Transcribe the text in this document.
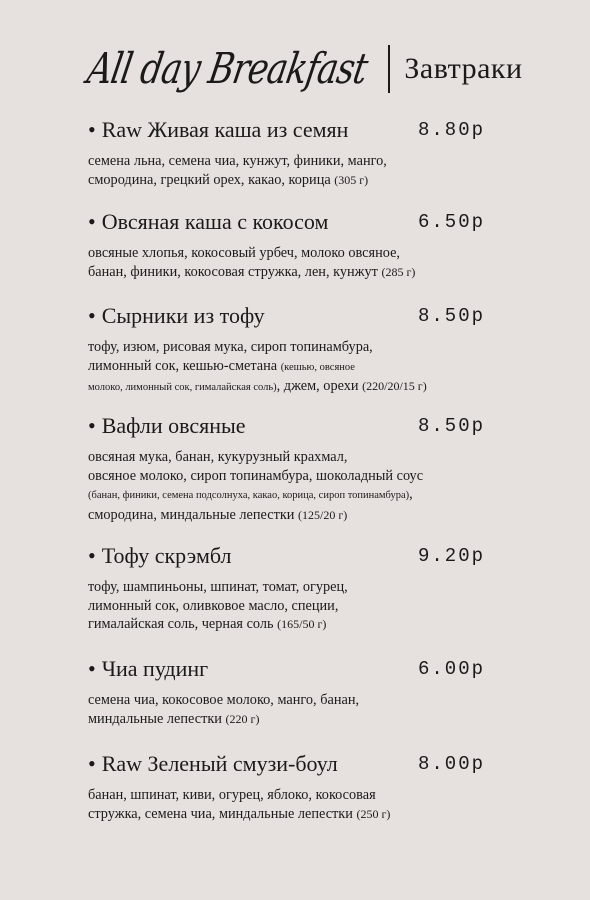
All day Breakfast Завтраки
• Raw Живая каша из семян	8.80р
семена льна, семена чиа, кунжут, финики, манго,
смородина, грецкий орех, какао, корица (305 г)
• Овсяная каша с кокосом	6.50р
овсяные хлопья, кокосовый урбеч, молоко овсяное,
банан, финики, кокосовая стружка, лен, кунжут (285 г)
• Сырники из тофу	8.50р
тофу, изюм, рисовая мука, сироп топинамбура,
лимонный сок, кешью-сметана (кешью, овсяное
молоко, лимонный сок, гималайская соль), джем, орехи (220/20/15 г)
• Вафли овсяные	8.50р
овсяная мука, банан, кукурузный крахмал,
овсяное молоко, сироп топинамбура, шоколадный соус
(банан, финики, семена подсолнуха, какао, корица, сироп топинамбура),
смородина, миндальные лепестки (125/20 г)
• Тофу скрэмбл	9.20р
тофу, шампиньоны, шпинат, томат, огурец,
лимонный сок, оливковое масло, специи,
гималайская соль, черная соль (165/50 г)
• Чиа пудинг	6.00р
семена чиа, кокосовое молоко, манго, банан,
миндальные лепестки (220 г)
• Raw Зеленый смузи-боул	8.00р
банан, шпинат, киви, огурец, яблоко, кокосовая
стружка, семена чиа, миндальные лепестки (250 г)
